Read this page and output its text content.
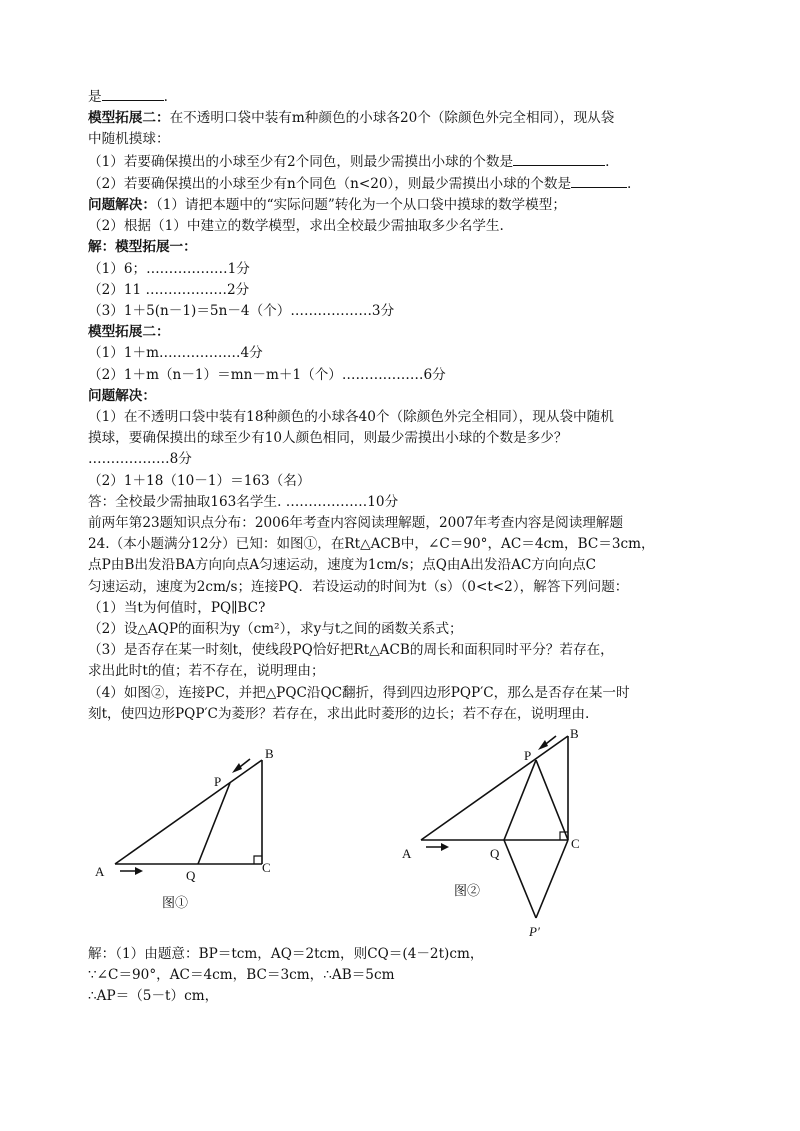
是	.
模型拓展二：在不透明口袋中装有m种颜色的小球各20个（除颜色外完全相同），现从袋
中随机摸球：
（1）若要确保摸出的小球至少有2个同色，则最少需摸出小球的个数是	.
（2）若要确保摸出的小球至少有n个同色（n<20），则最少需摸出小球的个数是	.
问题解决：（1）请把本题中的“实际问题”转化为一个从口袋中摸球的数学模型；
（2）根据（1）中建立的数学模型，求出全校最少需抽取多少名学生.
解：模型拓展一：
（1）6；………………1分
（2）11 ………………2分
（3）1＋5(n－1)＝5n－4（个）………………3分
模型拓展二：
（1）1＋m………………4分
（2）1＋m（n－1）＝mn－m＋1（个）………………6分
问题解决：
（1）在不透明口袋中装有18种颜色的小球各40个（除颜色外完全相同），现从袋中随机
摸球，要确保摸出的球至少有10人颜色相同，则最少需摸出小球的个数是多少？
………………8分
（2）1＋18（10－1）＝163（名）
答：全校最少需抽取163名学生. ………………10分
前两年第23题知识点分布：2006年考查内容阅读理解题，2007年考查内容是阅读理解题
24.（本小题满分12分）已知：如图①，在Rt△ACB中，∠C＝90°，AC＝4cm，BC＝3cm，
点P由B出发沿BA方向向点A匀速运动，速度为1cm/s；点Q由A出发沿AC方向向点C
匀速运动，速度为2cm/s；连接PQ．若设运动的时间为t（s）（0<t<2），解答下列问题：
（1）当t为何值时，PQ∥BC?
（2）设△AQP的面积为y（cm²），求y与t之间的函数关系式；
（3）是否存在某一时刻t，使线段PQ恰好把Rt△ACB的周长和面积同时平分？若存在，
求出此时t的值；若不存在，说明理由；
（4）如图②，连接PC，并把△PQC沿QC翻折，得到四边形PQP′C，那么是否存在某一时
刻t，使四边形PQP′C为菱形？若存在，求出此时菱形的边长；若不存在，说明理由.
A
B
C
P
Q
图①
A
B
C
P
Q
P′
图②
解：（1）由题意：BP＝tcm，AQ＝2tcm，则CQ＝(4－2t)cm，
∵∠C＝90°，AC＝4cm，BC＝3cm，∴AB＝5cm
∴AP＝（5－t）cm，
